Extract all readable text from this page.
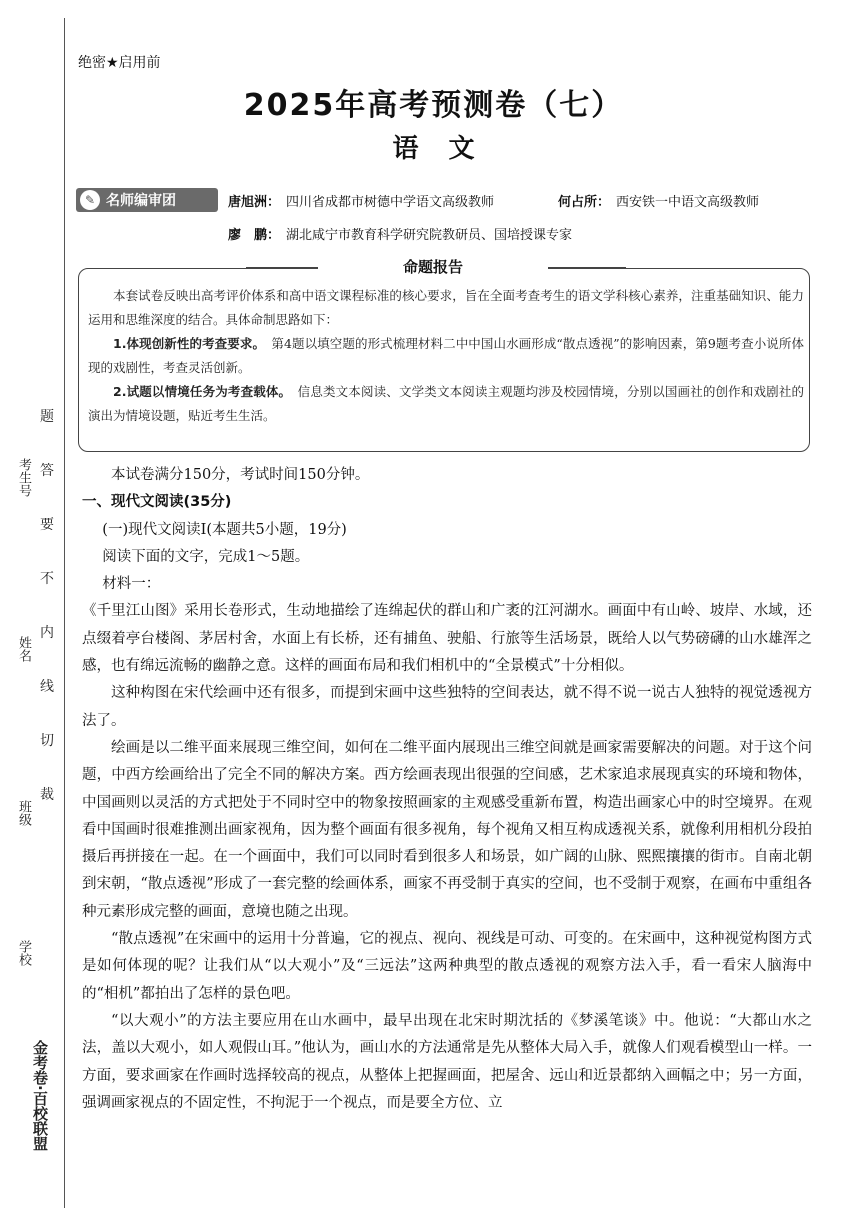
考生号
姓名
班级
学校
题
答
要
不
内
线
切
裁
金考卷·百校联盟
绝密★启用前
2025年高考预测卷（七）
语文
✎ 名师编审团	唐旭洲： 四川省成都市树德中学语文高级教师	何占所： 西安铁一中语文高级教师
廖　鹏： 湖北咸宁市教育科学研究院教研员、国培授课专家
命题报告

本套试卷反映出高考评价体系和高中语文课程标准的核心要求，旨在全面考查考生的语文学科核心素养，注重基础知识、能力运用和思维深度的结合。具体命制思路如下：

1.体现创新性的考查要求。　 第4题以填空题的形式梳理材料二中中国山水画形成“散点透视”的影响因素，第9题考查小说所体现的戏剧性，考查灵活创新。

2.试题以情境任务为考查载体。　 信息类文本阅读、文学类文本阅读主观题均涉及校园情境，分别以国画社的创作和戏剧社的演出为情境设题，贴近考生生活。

本试卷满分150分，考试时间150分钟。

一、现代文阅读(35分)

(一)现代文阅读Ⅰ(本题共5小题，19分)

阅读下面的文字，完成1～5题。

材料一：

《千里江山图》采用长卷形式，生动地描绘了连绵起伏的群山和广袤的江河湖水。画面中有山岭、坡岸、水域，还点缀着亭台楼阁、茅居村舍，水面上有长桥，还有捕鱼、驶船、行旅等生活场景，既给人以气势磅礴的山水雄浑之感，也有绵远流畅的幽静之意。这样的画面布局和我们相机中的“全景模式”十分相似。

这种构图在宋代绘画中还有很多，而提到宋画中这些独特的空间表达，就不得不说一说古人独特的视觉透视方法了。

绘画是以二维平面来展现三维空间，如何在二维平面内展现出三维空间就是画家需要解决的问题。对于这个问题，中西方绘画给出了完全不同的解决方案。西方绘画表现出很强的空间感，艺术家追求展现真实的环境和物体，中国画则以灵活的方式把处于不同时空中的物象按照画家的主观感受重新布置，构造出画家心中的时空境界。在观看中国画时很难推测出画家视角，因为整个画面有很多视角，每个视角又相互构成透视关系，就像利用相机分段拍摄后再拼接在一起。在一个画面中，我们可以同时看到很多人和场景，如广阔的山脉、熙熙攘攘的街市。自南北朝到宋朝，“散点透视”形成了一套完整的绘画体系，画家不再受制于真实的空间，也不受制于观察，在画布中重组各种元素形成完整的画面，意境也随之出现。

“散点透视”在宋画中的运用十分普遍，它的视点、视向、视线是可动、可变的。在宋画中，这种视觉构图方式是如何体现的呢？让我们从“以大观小”及“三远法”这两种典型的散点透视的观察方法入手，看一看宋人脑海中的“相机”都拍出了怎样的景色吧。

“以大观小”的方法主要应用在山水画中，最早出现在北宋时期沈括的《梦溪笔谈》中。他说：“大都山水之法，盖以大观小，如人观假山耳。”他认为，画山水的方法通常是先从整体大局入手，就像人们观看模型山一样。一方面，要求画家在作画时选择较高的视点，从整体上把握画面，把屋舍、远山和近景都纳入画幅之中；另一方面，强调画家视点的不固定性，不拘泥于一个视点，而是要全方位、立
